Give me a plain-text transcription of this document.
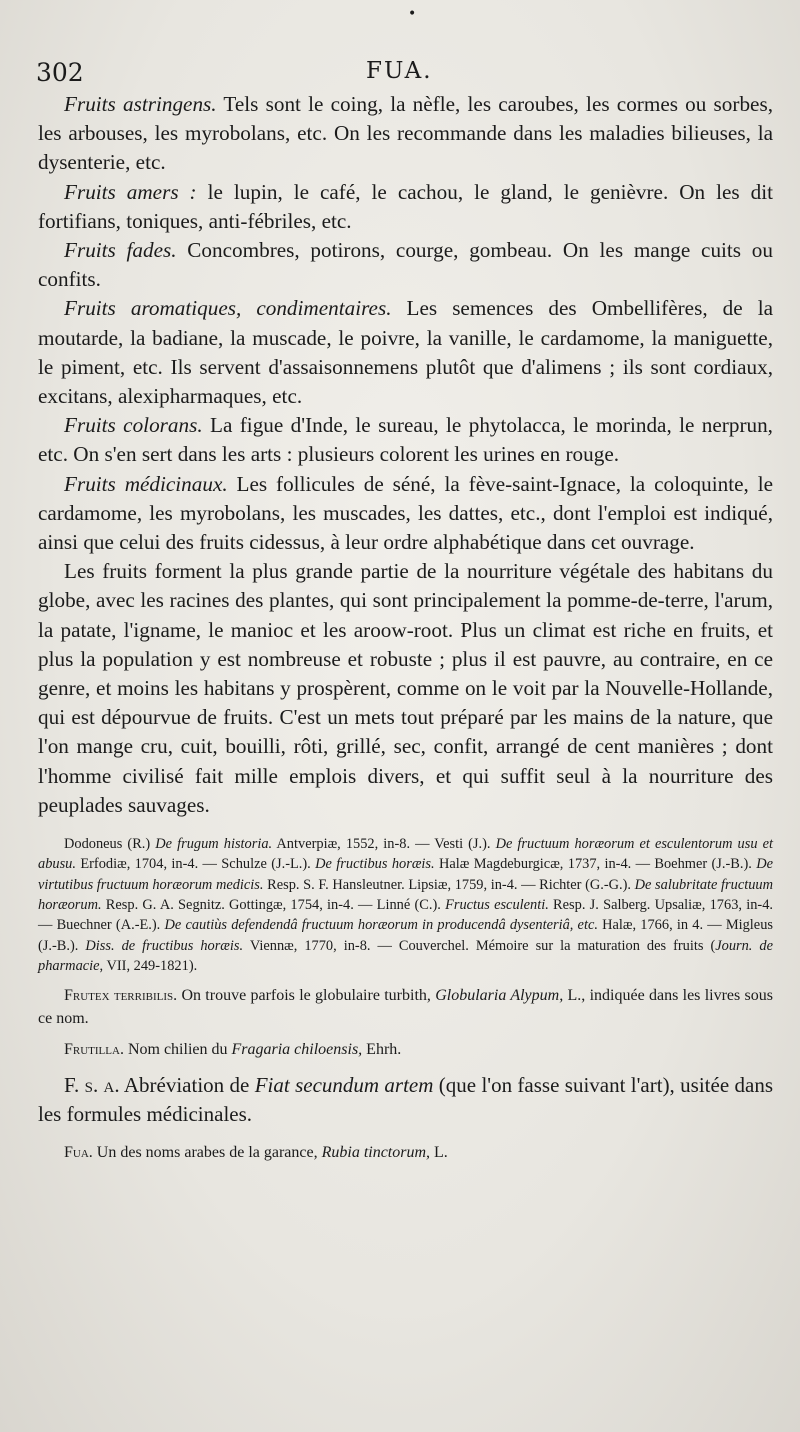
•
302	FUA.

Fruits astringens. Tels sont le coing, la nèfle, les caroubes, les cormes ou sorbes, les arbouses, les myrobolans, etc. On les recommande dans les maladies bilieuses, la dysenterie, etc.

Fruits amers : le lupin, le café, le cachou, le gland, le genièvre. On les dit fortifians, toniques, anti-fébriles, etc.

Fruits fades. Concombres, potirons, courge, gombeau. On les mange cuits ou confits.

Fruits aromatiques, condimentaires. Les semences des Ombellifères, de la moutarde, la badiane, la muscade, le poivre, la vanille, le cardamome, la maniguette, le piment, etc. Ils servent d'assaisonnemens plutôt que d'alimens ; ils sont cordiaux, excitans, alexipharmaques, etc.

Fruits colorans. La figue d'Inde, le sureau, le phytolacca, le morinda, le nerprun, etc. On s'en sert dans les arts : plusieurs colorent les urines en rouge.

Fruits médicinaux. Les follicules de séné, la fève-saint-Ignace, la coloquinte, le cardamome, les myrobolans, les muscades, les dattes, etc., dont l'emploi est indiqué, ainsi que celui des fruits cidessus, à leur ordre alphabétique dans cet ouvrage.

Les fruits forment la plus grande partie de la nourriture végétale des habitans du globe, avec les racines des plantes, qui sont principalement la pomme-de-terre, l'arum, la patate, l'igname, le manioc et les aroow-root. Plus un climat est riche en fruits, et plus la population y est nombreuse et robuste ; plus il est pauvre, au contraire, en ce genre, et moins les habitans y prospèrent, comme on le voit par la Nouvelle-Hollande, qui est dépourvue de fruits. C'est un mets tout préparé par les mains de la nature, que l'on mange cru, cuit, bouilli, rôti, grillé, sec, confit, arrangé de cent manières ; dont l'homme civilisé fait mille emplois divers, et qui suffit seul à la nourriture des peuplades sauvages.

Dodoneus (R.) De frugum historia. Antverpiæ, 1552, in-8. — Vesti (J.). De fructuum horæorum et esculentorum usu et abusu. Erfodiæ, 1704, in-4. — Schulze (J.-L.). De fructibus horæis. Halæ Magdeburgicæ, 1737, in-4. — Boehmer (J.-B.). De virtutibus fructuum horæorum medicis. Resp. S. F. Hansleutner. Lipsiæ, 1759, in-4. — Richter (G.-G.). De salubritate fructuum horæorum. Resp. G. A. Segnitz. Gottingæ, 1754, in-4. — Linné (C.). Fructus esculenti. Resp. J. Salberg. Upsaliæ, 1763, in-4. — Buechner (A.-E.). De cautiùs defendendâ fructuum horæorum in producendâ dysenteriâ, etc. Halæ, 1766, in 4. — Migleus (J.-B.). Diss. de fructibus horæis. Viennæ, 1770, in-8. — Couverchel. Mémoire sur la maturation des fruits (Journ. de pharmacie, VII, 249-1821).

Frutex terribilis. On trouve parfois le globulaire turbith, Globularia Alypum, L., indiquée dans les livres sous ce nom.

Frutilla. Nom chilien du Fragaria chiloensis, Ehrh.

F. s. a. Abréviation de Fiat secundum artem (que l'on fasse suivant l'art), usitée dans les formules médicinales.

Fua. Un des noms arabes de la garance, Rubia tinctorum, L.
